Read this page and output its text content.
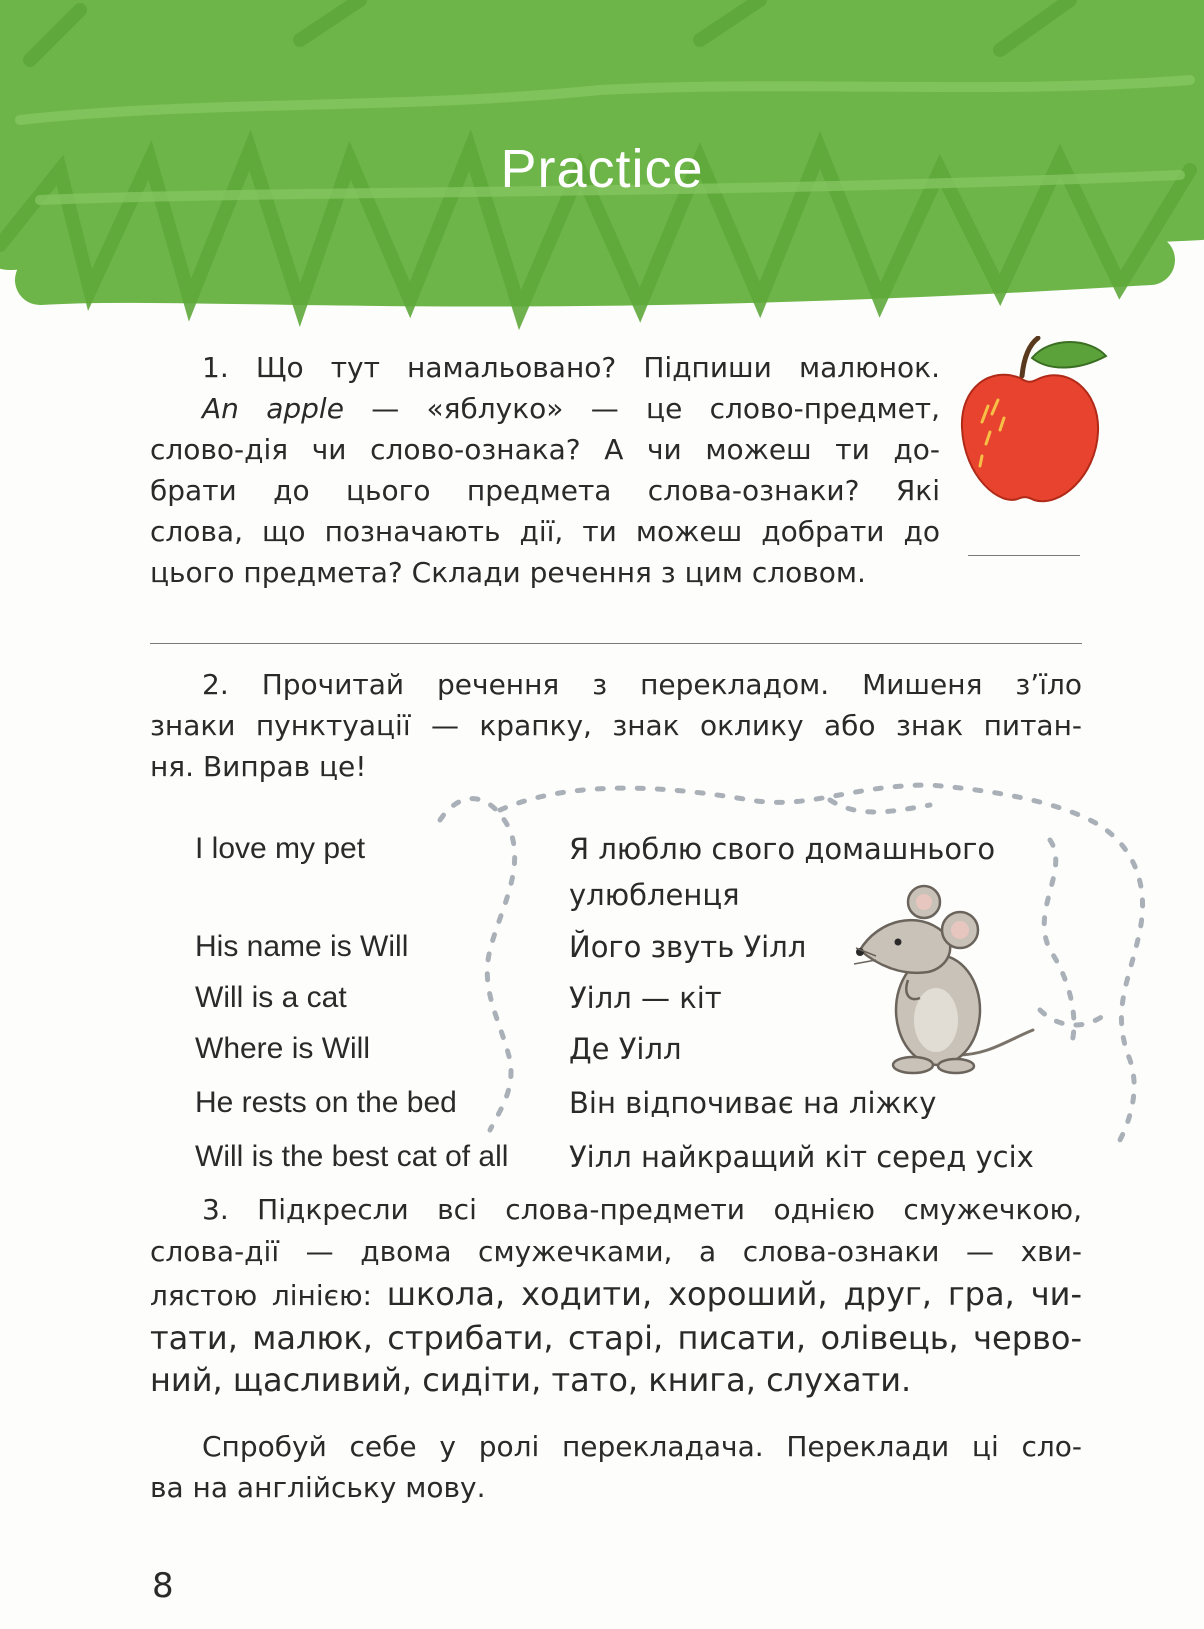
Practice
1. Що тут намальовано? Підпиши малюнок.
An apple — «яблуко» — це слово-предмет,
слово-дія чи слово-ознака? А чи можеш ти до-
брати до цього предмета слова-ознаки? Які
слова, що позначають дії, ти можеш добрати до
цього предмета? Склади речення з цим словом.
2. Прочитай речення з перекладом. Мишеня з’їло
знаки пунктуації — крапку, знак оклику або знак питан-
ня. Виправ це!
I love my pet	Я люблю свого домашнього
улюбленця
His name is Will	Його звуть Уілл
Will is a cat	Уілл — кіт
Where is Will	Де Уілл
He rests on the bed	Він відпочиває на ліжку
Will is the best cat of all Уілл найкращий кіт серед усіх
3. Підкресли всі слова-предмети однією смужечкою,
слова-дії — двома смужечками, а слова-ознаки — хви-
лястою лінією: школа, ходити, хороший, друг, гра, чи-
тати, малюк, стрибати, старі, писати, олівець, черво-
ний, щасливий, сидіти, тато, книга, слухати.
Спробуй себе у ролі перекладача. Переклади ці сло-
ва на англійську мову.
8
